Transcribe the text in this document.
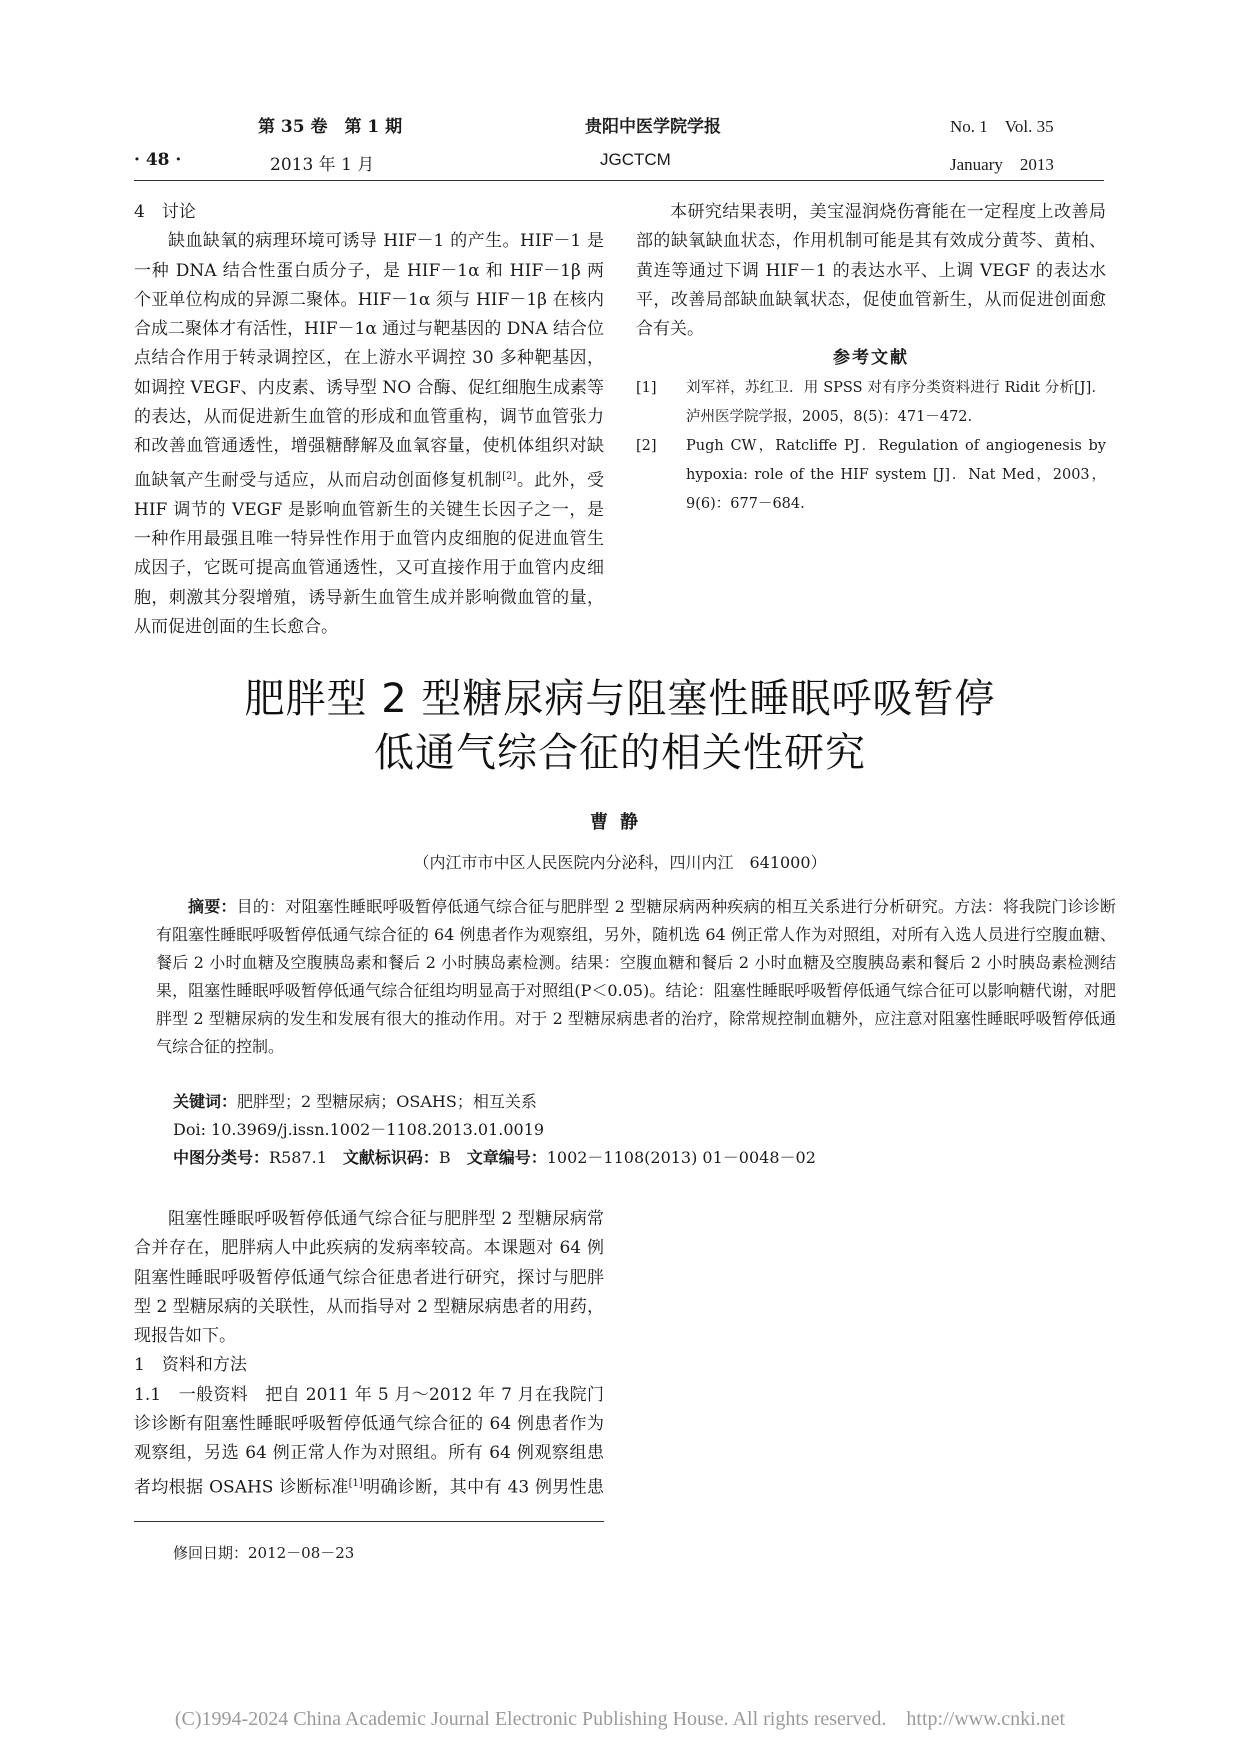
第 35 卷　第 1 期	贵阳中医学院学报	No. 1　Vol. 35
· 48 ·	2013 年 1 月	JGCTCM	January　2013

4　讨论

缺血缺氧的病理环境可诱导 HIF－1 的产生。HIF－1 是一种 DNA 结合性蛋白质分子，是 HIF－1α 和 HIF－1β 两个亚单位构成的异源二聚体。HIF－1α 须与 HIF－1β 在核内合成二聚体才有活性，HIF－1α 通过与靶基因的 DNA 结合位点结合作用于转录调控区，在上游水平调控 30 多种靶基因，如调控 VEGF、内皮素、诱导型 NO 合酶、促红细胞生成素等的表达，从而促进新生血管的形成和血管重构，调节血管张力和改善血管通透性，增强糖酵解及血氧容量，使机体组织对缺血缺氧产生耐受与适应，从而启动创面修复机制[2]。此外，受 HIF 调节的 VEGF 是影响血管新生的关键生长因子之一，是一种作用最强且唯一特异性作用于血管内皮细胞的促进血管生成因子，它既可提高血管通透性，又可直接作用于血管内皮细胞，刺激其分裂增殖，诱导新生血管生成并影响微血管的量，从而促进创面的生长愈合。

本研究结果表明，美宝湿润烧伤膏能在一定程度上改善局部的缺氧缺血状态，作用机制可能是其有效成分黄芩、黄柏、黄连等通过下调 HIF－1 的表达水平、上调 VEGF 的表达水平，改善局部缺血缺氧状态，促使血管新生，从而促进创面愈合有关。

参考文献

[1]	刘军祥，苏红卫．用 SPSS 对有序分类资料进行 Ridit 分析[J]．泸州医学院学报，2005，8(5)：471－472.
[2]	Pugh CW，Ratcliffe PJ．Regulation of angiogenesis by hypoxia: role of the HIF system [J]．Nat Med，2003，9(6)：677－684.
肥胖型 2 型糖尿病与阻塞性睡眠呼吸暂停
低通气综合征的相关性研究
曹静
（内江市市中区人民医院内分泌科，四川内江　641000）

摘要：目的：对阻塞性睡眠呼吸暂停低通气综合征与肥胖型 2 型糖尿病两种疾病的相互关系进行分析研究。方法：将我院门诊诊断有阻塞性睡眠呼吸暂停低通气综合征的 64 例患者作为观察组，另外，随机选 64 例正常人作为对照组，对所有入选人员进行空腹血糖、餐后 2 小时血糖及空腹胰岛素和餐后 2 小时胰岛素检测。结果：空腹血糖和餐后 2 小时血糖及空腹胰岛素和餐后 2 小时胰岛素检测结果，阻塞性睡眠呼吸暂停低通气综合征组均明显高于对照组(P＜0.05)。结论：阻塞性睡眠呼吸暂停低通气综合征可以影响糖代谢，对肥胖型 2 型糖尿病的发生和发展有很大的推动作用。对于 2 型糖尿病患者的治疗，除常规控制血糖外，应注意对阻塞性睡眠呼吸暂停低通气综合征的控制。

关键词：肥胖型；2 型糖尿病；OSAHS；相互关系
Doi: 10.3969/j.issn.1002－1108.2013.01.0019
中图分类号：R587.1　 文献标识码：B　 文章编号：1002－1108(2013) 01－0048－02

阻塞性睡眠呼吸暂停低通气综合征与肥胖型 2 型糖尿病常合并存在，肥胖病人中此疾病的发病率较高。本课题对 64 例阻塞性睡眠呼吸暂停低通气综合征患者进行研究，探讨与肥胖型 2 型糖尿病的关联性，从而指导对 2 型糖尿病患者的用药，现报告如下。

1　资料和方法

1.1　一般资料　把自 2011 年 5 月～2012 年 7 月在我院门诊诊断有阻塞性睡眠呼吸暂停低通气综合征的 64 例患者作为观察组，另选 64 例正常人作为对照组。所有 64 例观察组患者均根据 OSAHS 诊断标准[1]明确诊断，其中有 43 例男性患

修回日期：2012－08－23
(C)1994-2024 China Academic Journal Electronic Publishing House. All rights reserved.　http://www.cnki.net
